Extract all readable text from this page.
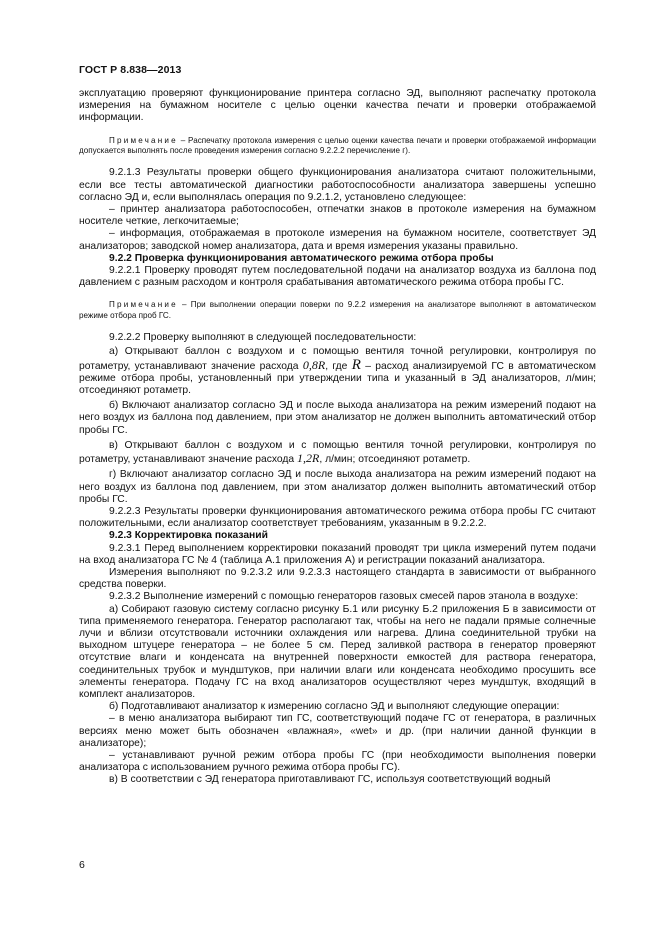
ГОСТ Р 8.838—2013

эксплуатацию проверяют функционирование принтера согласно ЭД, выполняют распечатку протокола измерения на бумажном носителе с целью оценки качества печати и проверки отображаемой информации.

Примечание – Распечатку протокола измерения с целью оценки качества печати и проверки отображаемой информации допускается выполнять после проведения измерения согласно 9.2.2.2 перечисление г).

9.2.1.3 Результаты проверки общего функционирования анализатора считают положительными, если все тесты автоматической диагностики работоспособности анализатора завершены успешно согласно ЭД и, если выполнялась операция по 9.2.1.2, установлено следующее:

– принтер анализатора работоспособен, отпечатки знаков в протоколе измерения на бумажном носителе четкие, легкочитаемые;

– информация, отображаемая в протоколе измерения на бумажном носителе, соответствует ЭД анализаторов; заводской номер анализатора, дата и время измерения указаны правильно.

9.2.2 Проверка функционирования автоматического режима отбора пробы

9.2.2.1 Проверку проводят путем последовательной подачи на анализатор воздуха из баллона под давлением с разным расходом и контроля срабатывания автоматического режима отбора пробы ГС.

Примечание – При выполнении операции поверки по 9.2.2 измерения на анализаторе выполняют в автоматическом режиме отбора проб ГС.

9.2.2.2 Проверку выполняют в следующей последовательности:

а) Открывают баллон с воздухом и с помощью вентиля точной регулировки, контролируя по ротаметру, устанавливают значение расхода 0,8R, где R – расход анализируемой ГС в автоматическом режиме отбора пробы, установленный при утверждении типа и указанный в ЭД анализаторов, л/мин; отсоединяют ротаметр.

б) Включают анализатор согласно ЭД и после выхода анализатора на режим измерений подают на него воздух из баллона под давлением, при этом анализатор не должен выполнить автоматический отбор пробы ГС.

в) Открывают баллон с воздухом и с помощью вентиля точной регулировки, контролируя по ротаметру, устанавливают значение расхода 1,2R, л/мин; отсоединяют ротаметр.

г) Включают анализатор согласно ЭД и после выхода анализатора на режим измерений подают на него воздух из баллона под давлением, при этом анализатор должен выполнить автоматический отбор пробы ГС.

9.2.2.3 Результаты проверки функционирования автоматического режима отбора пробы ГС считают положительными, если анализатор соответствует требованиям, указанным в 9.2.2.2.

9.2.3 Корректировка показаний

9.2.3.1 Перед выполнением корректировки показаний проводят три цикла измерений путем подачи на вход анализатора ГС № 4 (таблица А.1 приложения А) и регистрации показаний анализатора.

Измерения выполняют по 9.2.3.2 или 9.2.3.3 настоящего стандарта в зависимости от выбранного средства поверки.

9.2.3.2 Выполнение измерений с помощью генераторов газовых смесей паров этанола в воздухе:

а) Собирают газовую систему согласно рисунку Б.1 или рисунку Б.2 приложения Б в зависимости от типа применяемого генератора. Генератор располагают так, чтобы на него не падали прямые солнечные лучи и вблизи отсутствовали источники охлаждения или нагрева. Длина соединительной трубки на выходном штуцере генератора – не более 5 см. Перед заливкой раствора в генератор проверяют отсутствие влаги и конденсата на внутренней поверхности емкостей для раствора генератора, соединительных трубок и мундштуков, при наличии влаги или конденсата необходимо просушить все элементы генератора. Подачу ГС на вход анализаторов осуществляют через мундштук, входящий в комплект анализаторов.

б) Подготавливают анализатор к измерению согласно ЭД и выполняют следующие операции:

– в меню анализатора выбирают тип ГС, соответствующий подаче ГС от генератора, в различных версиях меню может быть обозначен «влажная», «wet» и др. (при наличии данной функции в анализаторе);

– устанавливают ручной режим отбора пробы ГС (при необходимости выполнения поверки анализатора с использованием ручного режима отбора пробы ГС).

в) В соответствии с ЭД генератора приготавливают ГС, используя соответствующий водный

6
